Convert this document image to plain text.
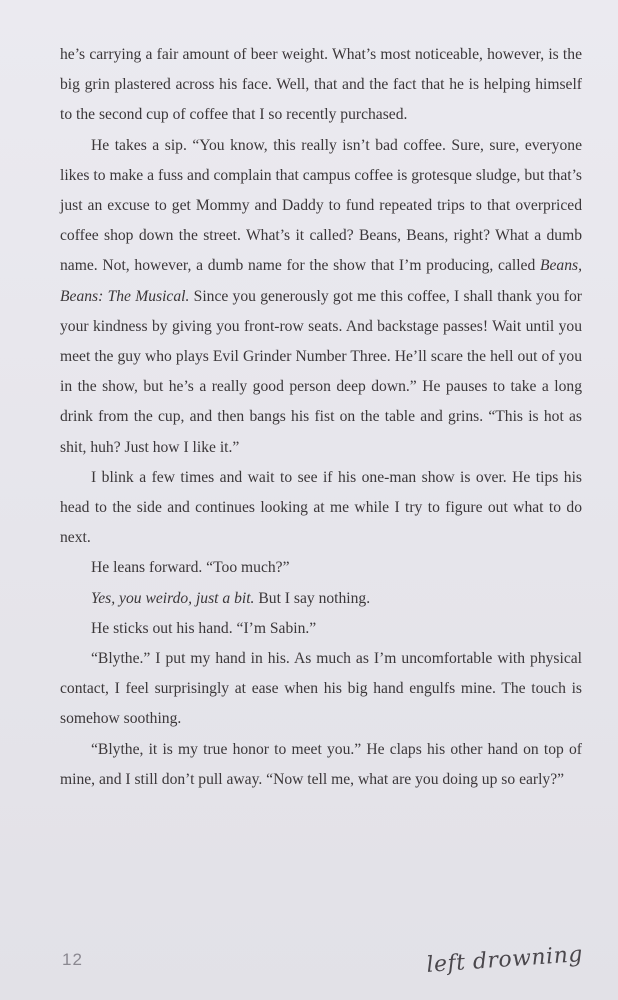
he’s carrying a fair amount of beer weight. What’s most noticeable, however, is the big grin plastered across his face. Well, that and the fact that he is helping himself to the second cup of coffee that I so recently purchased.

He takes a sip. “You know, this really isn’t bad coffee. Sure, sure, everyone likes to make a fuss and complain that campus coffee is grotesque sludge, but that’s just an excuse to get Mommy and Daddy to fund repeated trips to that overpriced coffee shop down the street. What’s it called? Beans, Beans, right? What a dumb name. Not, however, a dumb name for the show that I’m producing, called Beans, Beans: The Musical. Since you generously got me this coffee, I shall thank you for your kindness by giving you front-row seats. And backstage passes! Wait until you meet the guy who plays Evil Grinder Number Three. He’ll scare the hell out of you in the show, but he’s a really good person deep down.” He pauses to take a long drink from the cup, and then bangs his fist on the table and grins. “This is hot as shit, huh? Just how I like it.”

I blink a few times and wait to see if his one-man show is over. He tips his head to the side and continues looking at me while I try to figure out what to do next.

He leans forward. “Too much?”

Yes, you weirdo, just a bit. But I say nothing.

He sticks out his hand. “I’m Sabin.”

“Blythe.” I put my hand in his. As much as I’m uncomfortable with physical contact, I feel surprisingly at ease when his big hand engulfs mine. The touch is somehow soothing.

“Blythe, it is my true honor to meet you.” He claps his other hand on top of mine, and I still don’t pull away. “Now tell me, what are you doing up so early?”

12	left drowning
